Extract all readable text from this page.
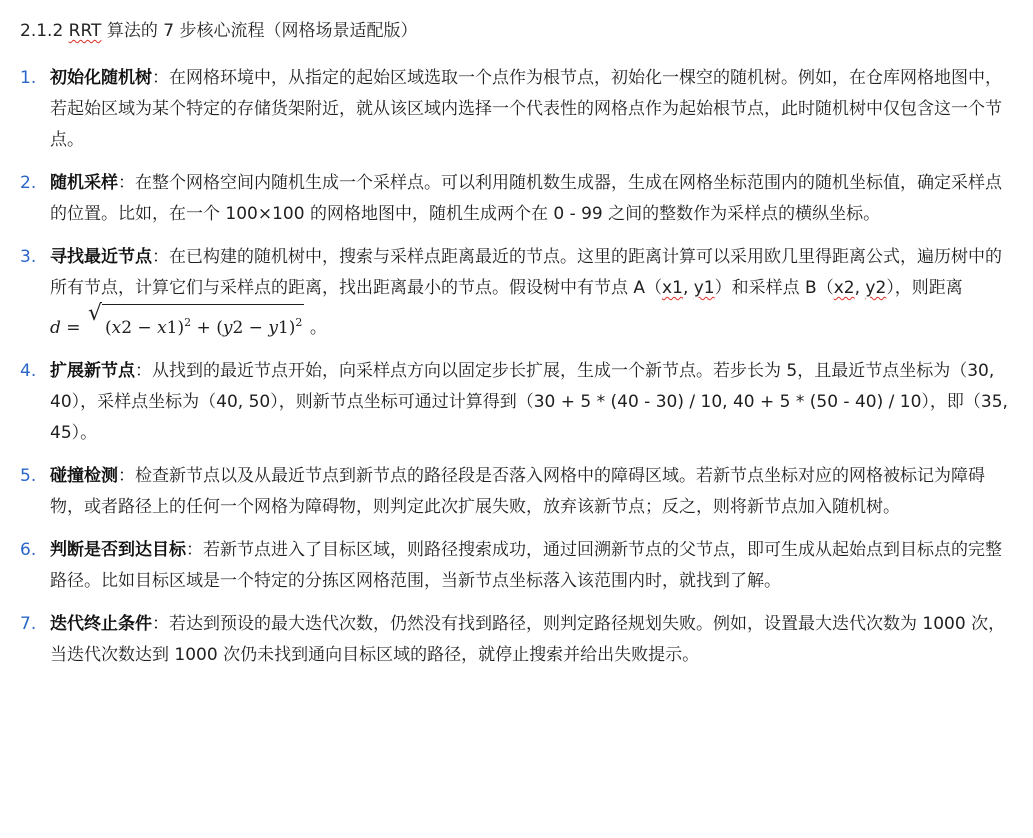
2.1.2 RRT 算法的 7 步核心流程（网格场景适配版）
1. 初始化随机树：在网格环境中，从指定的起始区域选取一个点作为根节点，初始化一棵空的随机树。例如，在仓库网格地图中，若起始区域为某个特定的存储货架附近，就从该区域内选择一个代表性的网格点作为起始根节点，此时随机树中仅包含这一个节点。
2. 随机采样：在整个网格空间内随机生成一个采样点。可以利用随机数生成器，生成在网格坐标范围内的随机坐标值，确定采样点的位置。比如，在一个 100×100 的网格地图中，随机生成两个在 0 - 99 之间的整数作为采样点的横纵坐标。
3. 寻找最近节点：在已构建的随机树中，搜索与采样点距离最近的节点。这里的距离计算可以采用欧几里得距离公式，遍历树中的所有节点，计算它们与采样点的距离，找出距离最小的节点。假设树中有节点 A（x1, y1）和采样点 B（x2, y2），则距离 d =
√
$(x2 - x1)^2 + (y2 - y1)^2$ 。
4. 扩展新节点：从找到的最近节点开始，向采样点方向以固定步长扩展，生成一个新节点。若步长为 5，且最近节点坐标为（30, 40），采样点坐标为（40, 50），则新节点坐标可通过计算得到（30 + 5 * (40 - 30) / 10, 40 + 5 * (50 - 40) / 10），即（35, 45）。
5. 碰撞检测：检查新节点以及从最近节点到新节点的路径段是否落入网格中的障碍区域。若新节点坐标对应的网格被标记为障碍物，或者路径上的任何一个网格为障碍物，则判定此次扩展失败，放弃该新节点；反之，则将新节点加入随机树。
6. 判断是否到达目标：若新节点进入了目标区域，则路径搜索成功，通过回溯新节点的父节点，即可生成从起始点到目标点的完整路径。比如目标区域是一个特定的分拣区网格范围，当新节点坐标落入该范围内时，就找到了解。
7. 迭代终止条件：若达到预设的最大迭代次数，仍然没有找到路径，则判定路径规划失败。例如，设置最大迭代次数为 1000 次，当迭代次数达到 1000 次仍未找到通向目标区域的路径，就停止搜索并给出失败提示。
